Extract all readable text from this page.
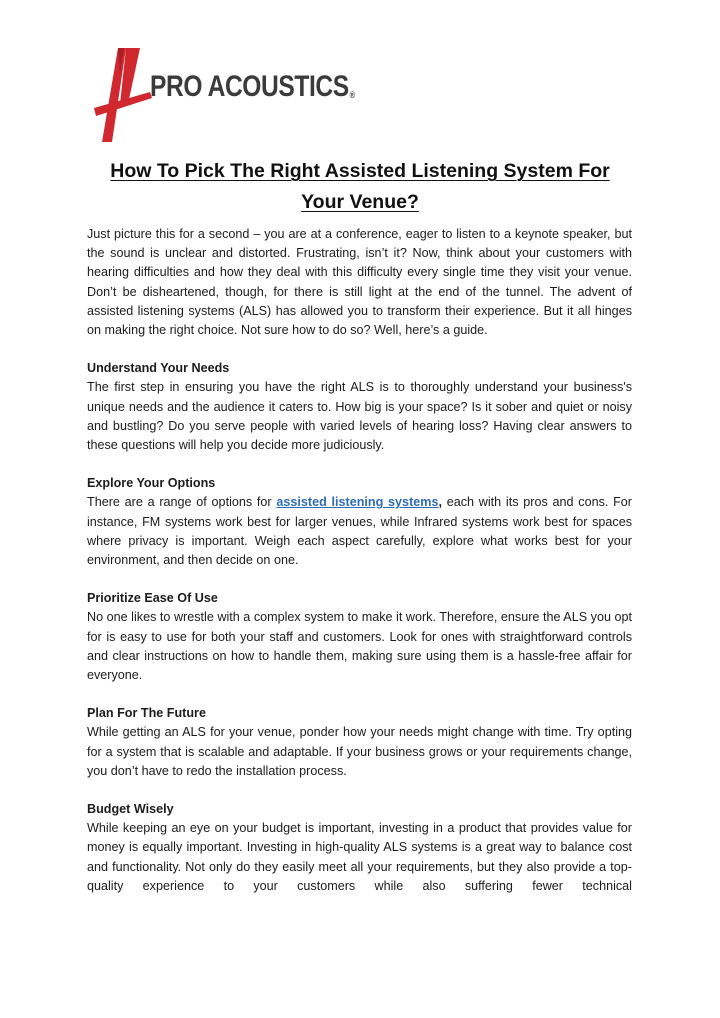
PRO ACOUSTICS®
How To Pick The Right Assisted Listening System For Your Venue?

Just picture this for a second – you are at a conference, eager to listen to a keynote speaker, but the sound is unclear and distorted. Frustrating, isn’t it? Now, think about your customers with hearing difficulties and how they deal with this difficulty every single time they visit your venue. Don’t be disheartened, though, for there is still light at the end of the tunnel. The advent of assisted listening systems (ALS) has allowed you to transform their experience. But it all hinges on making the right choice. Not sure how to do so? Well, here’s a guide.

Understand Your Needs

The first step in ensuring you have the right ALS is to thoroughly understand your business's unique needs and the audience it caters to. How big is your space? Is it sober and quiet or noisy and bustling? Do you serve people with varied levels of hearing loss? Having clear answers to these questions will help you decide more judiciously.

Explore Your Options

There are a range of options for assisted listening systems, each with its pros and cons. For instance, FM systems work best for larger venues, while Infrared systems work best for spaces where privacy is important. Weigh each aspect carefully, explore what works best for your environment, and then decide on one.

Prioritize Ease Of Use

No one likes to wrestle with a complex system to make it work. Therefore, ensure the ALS you opt for is easy to use for both your staff and customers. Look for ones with straightforward controls and clear instructions on how to handle them, making sure using them is a hassle-free affair for everyone.

Plan For The Future

While getting an ALS for your venue, ponder how your needs might change with time. Try opting for a system that is scalable and adaptable. If your business grows or your requirements change, you don’t have to redo the installation process.

Budget Wisely

While keeping an eye on your budget is important, investing in a product that provides value for money is equally important. Investing in high-quality ALS systems is a great way to balance cost and functionality. Not only do they easily meet all your requirements, but they also provide a top-quality experience to your customers while also suffering fewer technical
